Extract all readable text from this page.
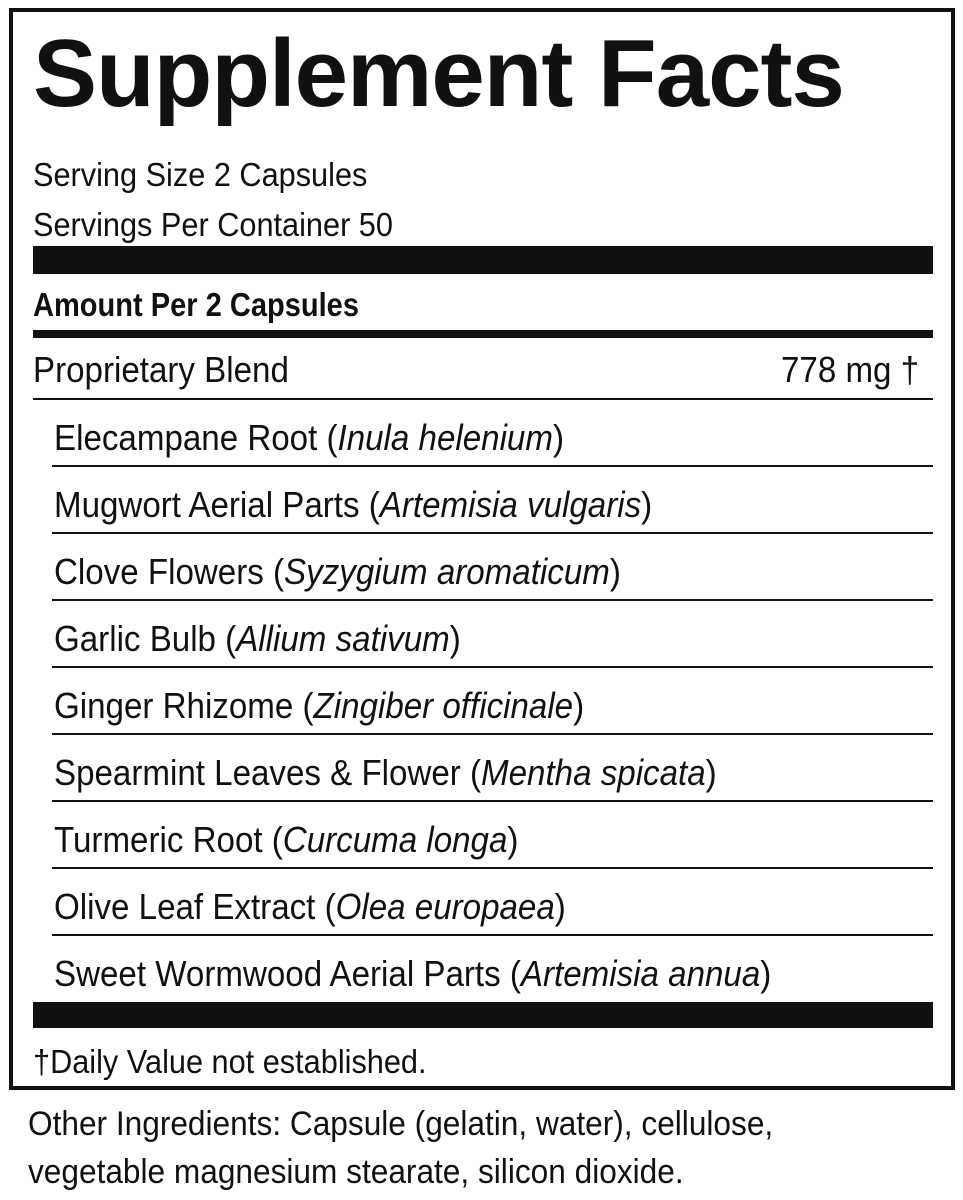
Supplement Facts
Serving Size 2 Capsules
Servings Per Container 50
Amount Per 2 Capsules
Proprietary Blend	778 mg †
Elecampane Root (Inula helenium)
Mugwort Aerial Parts (Artemisia vulgaris)
Clove Flowers (Syzygium aromaticum)
Garlic Bulb (Allium sativum)
Ginger Rhizome (Zingiber officinale)
Spearmint Leaves & Flower (Mentha spicata)
Turmeric Root (Curcuma longa)
Olive Leaf Extract (Olea europaea)
Sweet Wormwood Aerial Parts (Artemisia annua)
†Daily Value not established.
Other Ingredients: Capsule (gelatin, water), cellulose,
vegetable magnesium stearate, silicon dioxide.
